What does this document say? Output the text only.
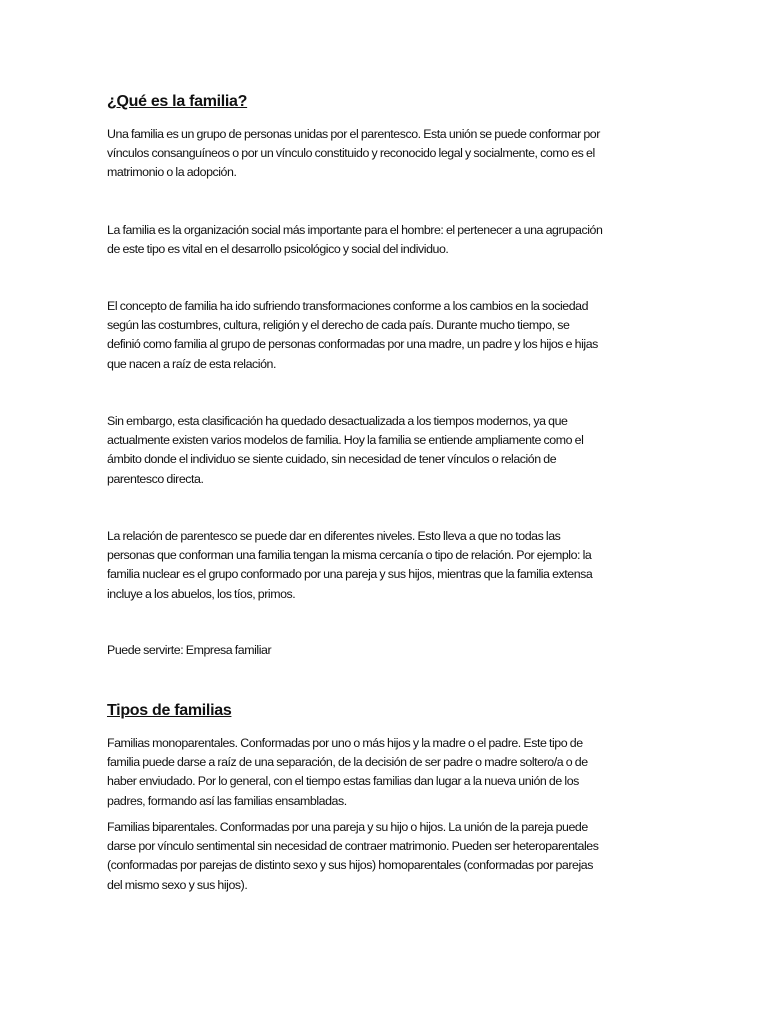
¿Qué es la familia?

Una familia es un grupo de personas unidas por el parentesco. Esta unión se puede conformar por
vínculos consanguíneos o por un vínculo constituido y reconocido legal y socialmente, como es el
matrimonio o la adopción.

La familia es la organización social más importante para el hombre: el pertenecer a una agrupación
de este tipo es vital en el desarrollo psicológico y social del individuo.

El concepto de familia ha ido sufriendo transformaciones conforme a los cambios en la sociedad
según las costumbres, cultura, religión y el derecho de cada país. Durante mucho tiempo, se
definió como familia al grupo de personas conformadas por una madre, un padre y los hijos e hijas
que nacen a raíz de esta relación.

Sin embargo, esta clasificación ha quedado desactualizada a los tiempos modernos, ya que
actualmente existen varios modelos de familia. Hoy la familia se entiende ampliamente como el
ámbito donde el individuo se siente cuidado, sin necesidad de tener vínculos o relación de
parentesco directa.

La relación de parentesco se puede dar en diferentes niveles. Esto lleva a que no todas las
personas que conforman una familia tengan la misma cercanía o tipo de relación. Por ejemplo: la
familia nuclear es el grupo conformado por una pareja y sus hijos, mientras que la familia extensa
incluye a los abuelos, los tíos, primos.

Puede servirte: Empresa familiar

Tipos de familias

Familias monoparentales. Conformadas por uno o más hijos y la madre o el padre. Este tipo de
familia puede darse a raíz de una separación, de la decisión de ser padre o madre soltero/a o de
haber enviudado. Por lo general, con el tiempo estas familias dan lugar a la nueva unión de los
padres, formando así las familias ensambladas.

Familias biparentales. Conformadas por una pareja y su hijo o hijos. La unión de la pareja puede
darse por vínculo sentimental sin necesidad de contraer matrimonio. Pueden ser heteroparentales
(conformadas por parejas de distinto sexo y sus hijos) homoparentales (conformadas por parejas
del mismo sexo y sus hijos).
